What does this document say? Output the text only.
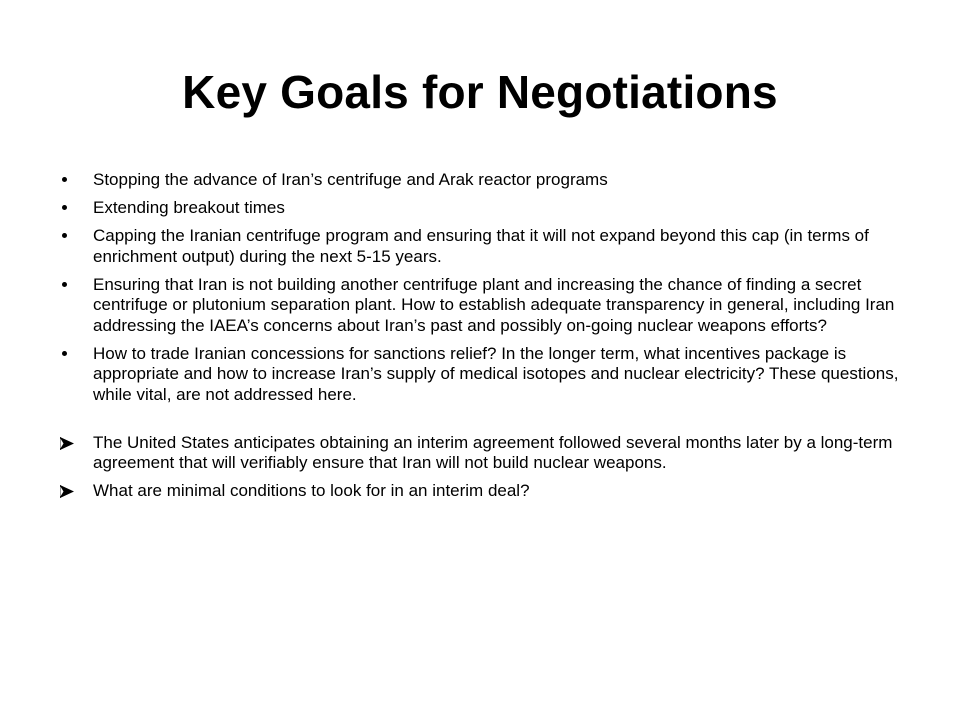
Key Goals for Negotiations
Stopping the advance of Iran’s centrifuge and Arak reactor programs
Extending breakout times
Capping the Iranian centrifuge program and ensuring that it will not expand beyond this cap (in terms of enrichment output) during the next 5-15 years.
Ensuring that Iran is not building another centrifuge plant and increasing the chance of finding a secret centrifuge or plutonium separation plant. How to establish adequate transparency in general, including Iran addressing the IAEA’s concerns about Iran’s past and possibly on-going nuclear weapons efforts?
How to trade Iranian concessions for sanctions relief? In the longer term, what incentives package is appropriate and how to increase Iran’s supply of medical isotopes and nuclear electricity? These questions, while vital, are not addressed here.
The United States anticipates obtaining an interim agreement followed several months later by a long-term agreement that will verifiably ensure that Iran will not build nuclear weapons.
What are minimal conditions to look for in an interim deal?
